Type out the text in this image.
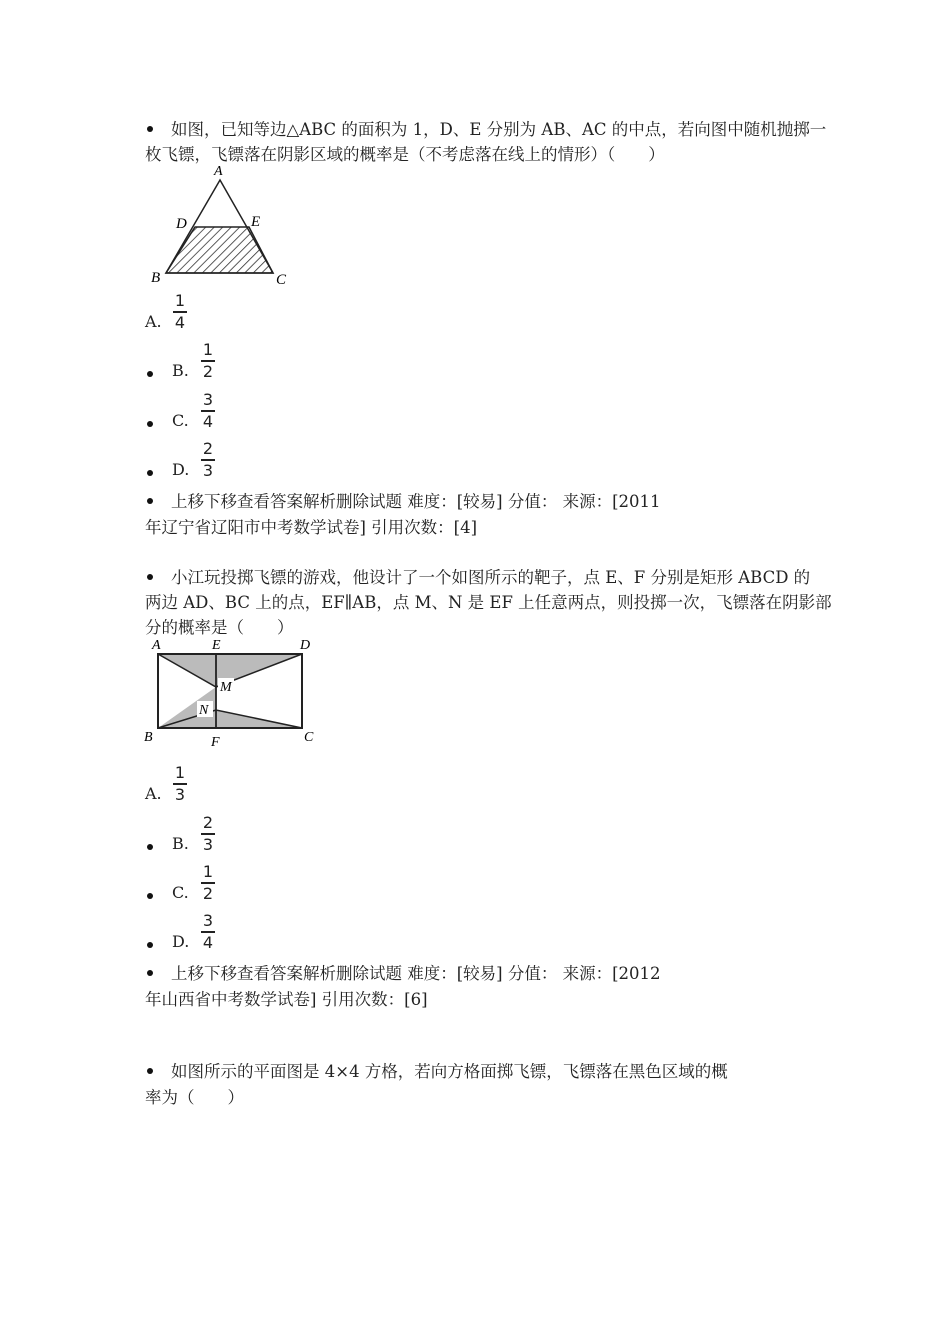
如图，已知等边△ABC 的面积为 1，D、E 分别为 AB、AC 的中点，若向图中随机抛掷一
枚飞镖，飞镖落在阴影区域的概率是（不考虑落在线上的情形）（　　）
A
D	E
B	C
A.
1
4
B.
1
2
C.
3
4
D.
2
3
上移下移查看答案解析删除试题 难度：[较易] 分值： 来源：[2011
年辽宁省辽阳市中考数学试卷] 引用次数：[4]
小江玩投掷飞镖的游戏，他设计了一个如图所示的靶子，点 E、F 分别是矩形 ABCD 的
两边 AD、BC 上的点，EF∥AB，点 M、N 是 EF 上任意两点，则投掷一次，飞镖落在阴影部
分的概率是（　　）
A	E	D
M
N
B	F	C
A.
1
3
B.
2
3
C.
1
2
D.
3
4
上移下移查看答案解析删除试题 难度：[较易] 分值： 来源：[2012
年山西省中考数学试卷] 引用次数：[6]
如图所示的平面图是 4×4 方格，若向方格面掷飞镖，飞镖落在黑色区域的概
率为（　　）
